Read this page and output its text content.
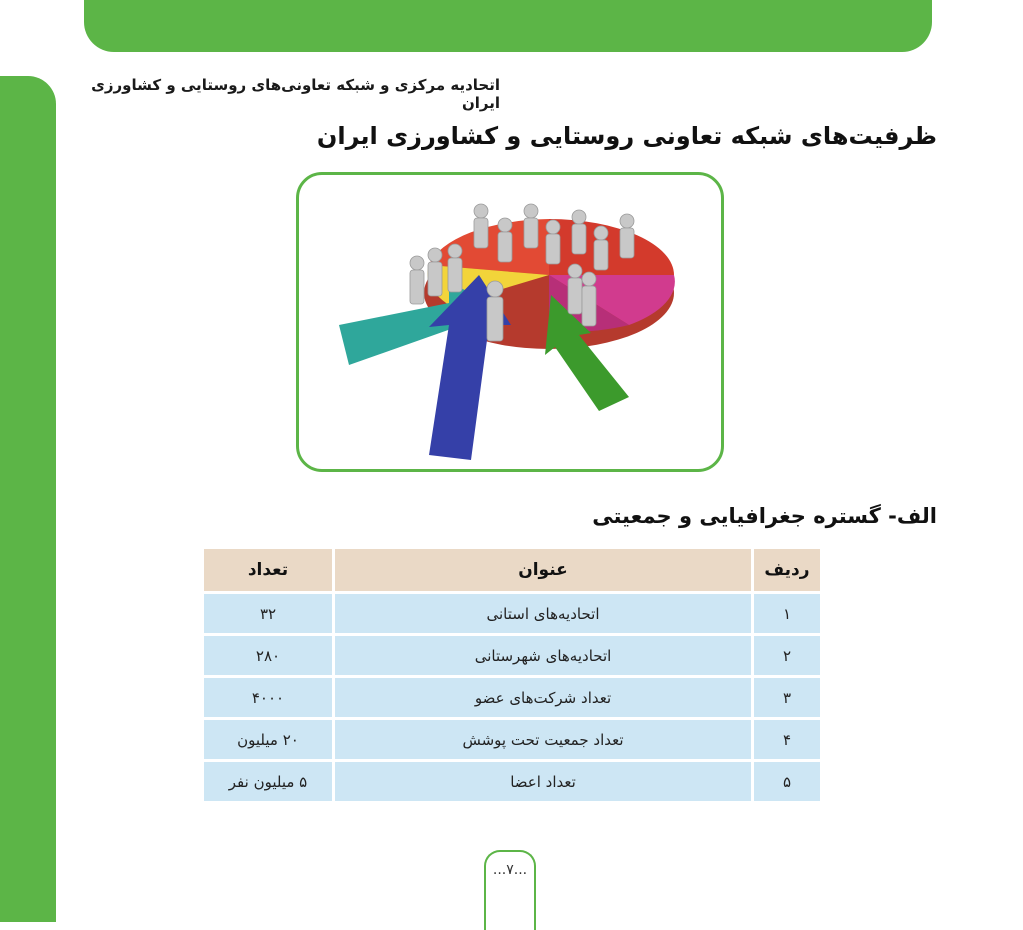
اتحادیه مرکزی و شبکه تعاونی‌های روستایی و کشاورزی ایران
ظرفیت‌های شبکه تعاونی روستایی و کشاورزی ایران
الف- گستره جغرافیایی و جمعیتی
ردیف	عنوان	تعداد
۱	اتحادیه‌های استانی	۳۲
۲	اتحادیه‌های شهرستانی	۲۸۰
۳	تعداد شرکت‌های عضو	۴۰۰۰
۴	تعداد جمعیت تحت پوشش	۲۰ میلیون
۵	تعداد اعضا	۵ میلیون نفر
...۷...
